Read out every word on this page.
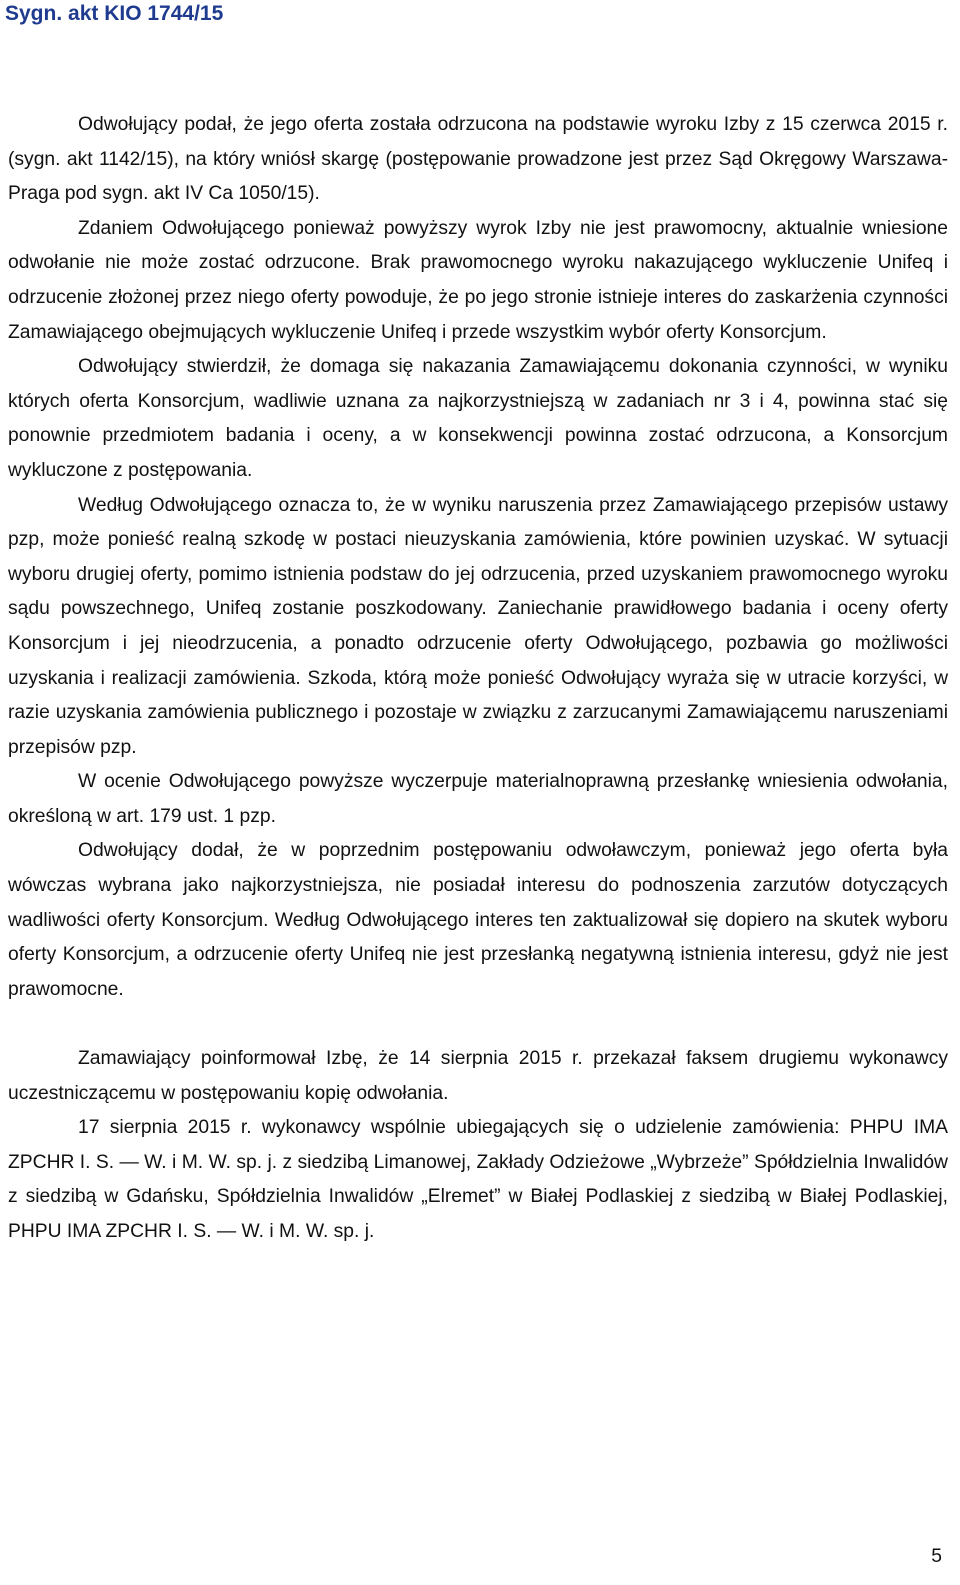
Sygn. akt KIO 1744/15

Odwołujący podał, że jego oferta została odrzucona na podstawie wyroku Izby z 15 czerwca 2015 r. (sygn. akt 1142/15), na który wniósł skargę (postępowanie prowadzone jest przez Sąd Okręgowy Warszawa-Praga pod sygn. akt IV Ca 1050/15).

Zdaniem Odwołującego ponieważ powyższy wyrok Izby nie jest prawomocny, aktualnie wniesione odwołanie nie może zostać odrzucone. Brak prawomocnego wyroku nakazującego wykluczenie Unifeq i odrzucenie złożonej przez niego oferty powoduje, że po jego stronie istnieje interes do zaskarżenia czynności Zamawiającego obejmujących wykluczenie Unifeq i przede wszystkim wybór oferty Konsorcjum.

Odwołujący stwierdził, że domaga się nakazania Zamawiającemu dokonania czynności, w wyniku których oferta Konsorcjum, wadliwie uznana za najkorzystniejszą w zadaniach nr 3 i 4, powinna stać się ponownie przedmiotem badania i oceny, a w konsekwencji powinna zostać odrzucona, a Konsorcjum wykluczone z postępowania.

Według Odwołującego oznacza to, że w wyniku naruszenia przez Zamawiającego przepisów ustawy pzp, może ponieść realną szkodę w postaci nieuzyskania zamówienia, które powinien uzyskać. W sytuacji wyboru drugiej oferty, pomimo istnienia podstaw do jej odrzucenia, przed uzyskaniem prawomocnego wyroku sądu powszechnego, Unifeq zostanie poszkodowany. Zaniechanie prawidłowego badania i oceny oferty Konsorcjum i jej nieodrzucenia, a ponadto odrzucenie oferty Odwołującego, pozbawia go możliwości uzyskania i realizacji zamówienia. Szkoda, którą może ponieść Odwołujący wyraża się w utracie korzyści, w razie uzyskania zamówienia publicznego i pozostaje w związku z zarzucanymi Zamawiającemu naruszeniami przepisów pzp.

W ocenie Odwołującego powyższe wyczerpuje materialnoprawną przesłankę wniesienia odwołania, określoną w art. 179 ust. 1 pzp.

Odwołujący dodał, że w poprzednim postępowaniu odwoławczym, ponieważ jego oferta była wówczas wybrana jako najkorzystniejsza, nie posiadał interesu do podnoszenia zarzutów dotyczących wadliwości oferty Konsorcjum. Według Odwołującego interes ten zaktualizował się dopiero na skutek wyboru oferty Konsorcjum, a odrzucenie oferty Unifeq nie jest przesłanką negatywną istnienia interesu, gdyż nie jest prawomocne.

Zamawiający poinformował Izbę, że 14 sierpnia 2015 r. przekazał faksem drugiemu wykonawcy uczestniczącemu w postępowaniu kopię odwołania.

17 sierpnia 2015 r. wykonawcy wspólnie ubiegających się o udzielenie zamówienia: PHPU IMA ZPCHR I. S. — W. i M. W. sp. j. z siedzibą Limanowej, Zakłady Odzieżowe „Wybrzeże” Spółdzielnia Inwalidów z siedzibą w Gdańsku, Spółdzielnia Inwalidów „Elremet” w Białej Podlaskiej z siedzibą w Białej Podlaskiej, PHPU IMA ZPCHR I. S. — W. i M. W. sp. j.

5
